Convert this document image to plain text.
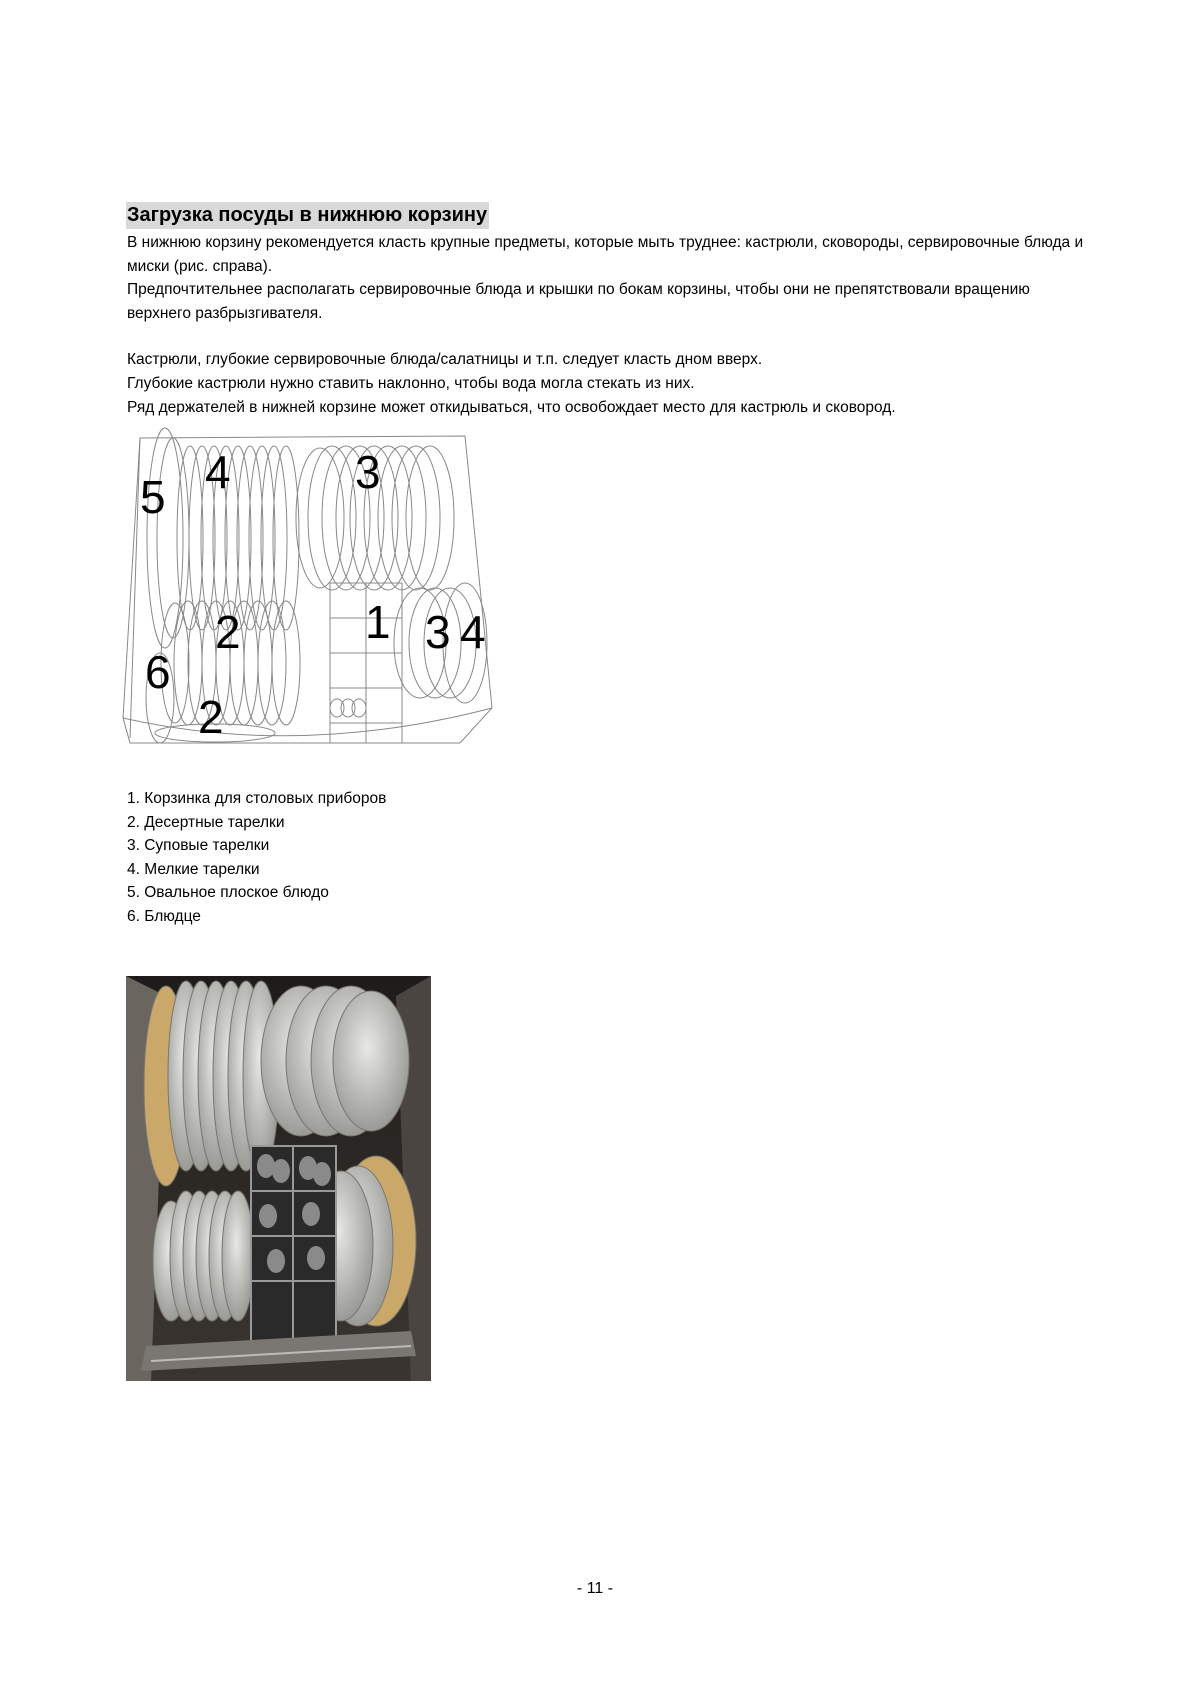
Загрузка посуды в нижнюю корзину

В нижнюю корзину рекомендуется класть крупные предметы, которые мыть труднее: кастрюли, сковороды, сервировочные блюда и миски (рис. справа).

Предпочтительнее располагать сервировочные блюда и крышки по бокам корзины, чтобы они не препятствовали вращению верхнего разбрызгивателя.

Кастрюли, глубокие сервировочные блюда/салатницы и т.п. следует класть дном вверх.

Глубокие кастрюли нужно ставить наклонно, чтобы вода могла стекать из них.

Ряд держателей в нижней корзине может откидываться, что освобождает место для кастрюль и сковород.

5 4	3
2	1 3 4
6
2
1. Корзинка для столовых приборов
2. Десертные тарелки
3. Суповые тарелки
4. Мелкие тарелки
5. Овальное плоское блюдо
6. Блюдце
- 11 -
